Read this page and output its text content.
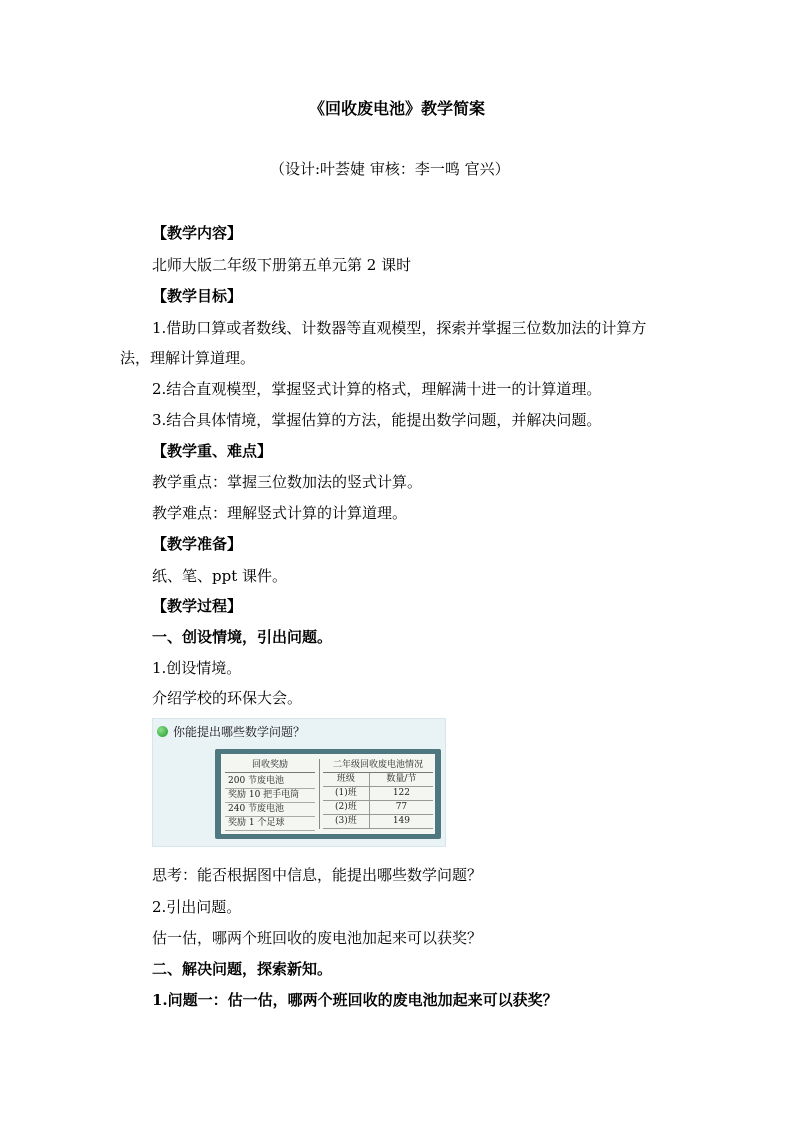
《回收废电池》教学简案
（设计:叶荟婕 审核：李一鸣 官兴）
【教学内容】
北师大版二年级下册第五单元第 2 课时
【教学目标】
1.借助口算或者数线、计数器等直观模型，探索并掌握三位数加法的计算方
法，理解计算道理。
2.结合直观模型，掌握竖式计算的格式，理解满十进一的计算道理。
3.结合具体情境，掌握估算的方法，能提出数学问题，并解决问题。
【教学重、难点】
教学重点：掌握三位数加法的竖式计算。
教学难点：理解竖式计算的计算道理。
【教学准备】
纸、笔、ppt 课件。
【教学过程】
一、创设情境，引出问题。
1.创设情境。
介绍学校的环保大会。
你能提出哪些数学问题？
回收奖励
200 节废电池
奖励 10 把手电筒
240 节废电池
奖励 1 个足球
二年级回收废电池情况
班级	数量/节
(1)班	122
(2)班	77
(3)班	149
思考：能否根据图中信息，能提出哪些数学问题？
2.引出问题。
估一估，哪两个班回收的废电池加起来可以获奖？
二、解决问题，探索新知。
1.问题一：估一估，哪两个班回收的废电池加起来可以获奖？
